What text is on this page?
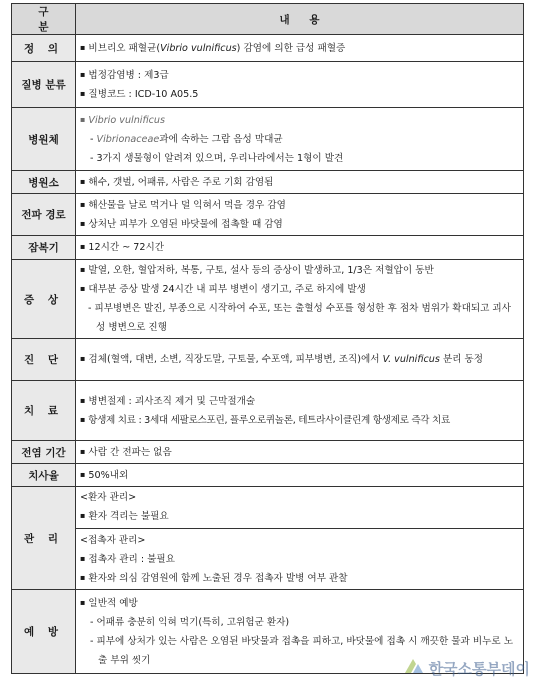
구 분	내 용
정 의	▪ 비브리오 패혈균(Vibrio vulnificus) 감염에 의한 급성 패혈증

질병 분류	▪ 법정감염병 : 제3급
▪ 질병코드 : ICD-10 A05.5

병원체	▪ Vibrio vulnificus
- Vibrionaceae과에 속하는 그람 음성 막대균
- 3가지 생물형이 알려져 있으며, 우리나라에서는 1형이 발견

병원소	▪ 해수, 갯벌, 어패류, 사람은 주로 기회 감염됨

전파 경로	▪ 해산물을 날로 먹거나 덜 익혀서 먹을 경우 감염
▪ 상처난 피부가 오염된 바닷물에 접촉할 때 감염

잠복기	▪ 12시간 ~ 72시간

증 상	▪ 발열, 오한, 혈압저하, 복통, 구토, 설사 등의 증상이 발생하고, 1/3은 저혈압이 동반
▪ 대부분 증상 발생 24시간 내 피부 병변이 생기고, 주로 하지에 발생
- 피부병변은 발진, 부종으로 시작하여 수포, 또는 출혈성 수포를 형성한 후 점차 범위가 확대되고 괴사성 병변으로 진행

진 단	▪ 검체(혈액, 대변, 소변, 직장도말, 구토물, 수포액, 피부병변, 조직)에서 V. vulnificus 분리 동정

치 료	▪ 병변절제 : 괴사조직 제거 및 근막절개술
▪ 항생제 치료 : 3세대 세팔로스포린, 플루오로퀴놀론, 테트라사이클린계 항생제로 즉각 치료

전염 기간	▪ 사람 간 전파는 없음

치사율	▪ 50%내외

관 리	<환자 관리>
▪ 환자 격리는 불필요
<접촉자 관리>
▪ 접촉자 관리 : 불필요
▪ 환자와 의심 감염원에 함께 노출된 경우 접촉자 발병 여부 관찰

예 방	▪ 일반적 예방
- 어패류 충분히 익혀 먹기(특히, 고위험군 환자)
- 피부에 상처가 있는 사람은 오염된 바닷물과 접촉을 피하고, 바닷물에 접촉 시 깨끗한 물과 비누로 노출 부위 씻기
한국소통부데이
